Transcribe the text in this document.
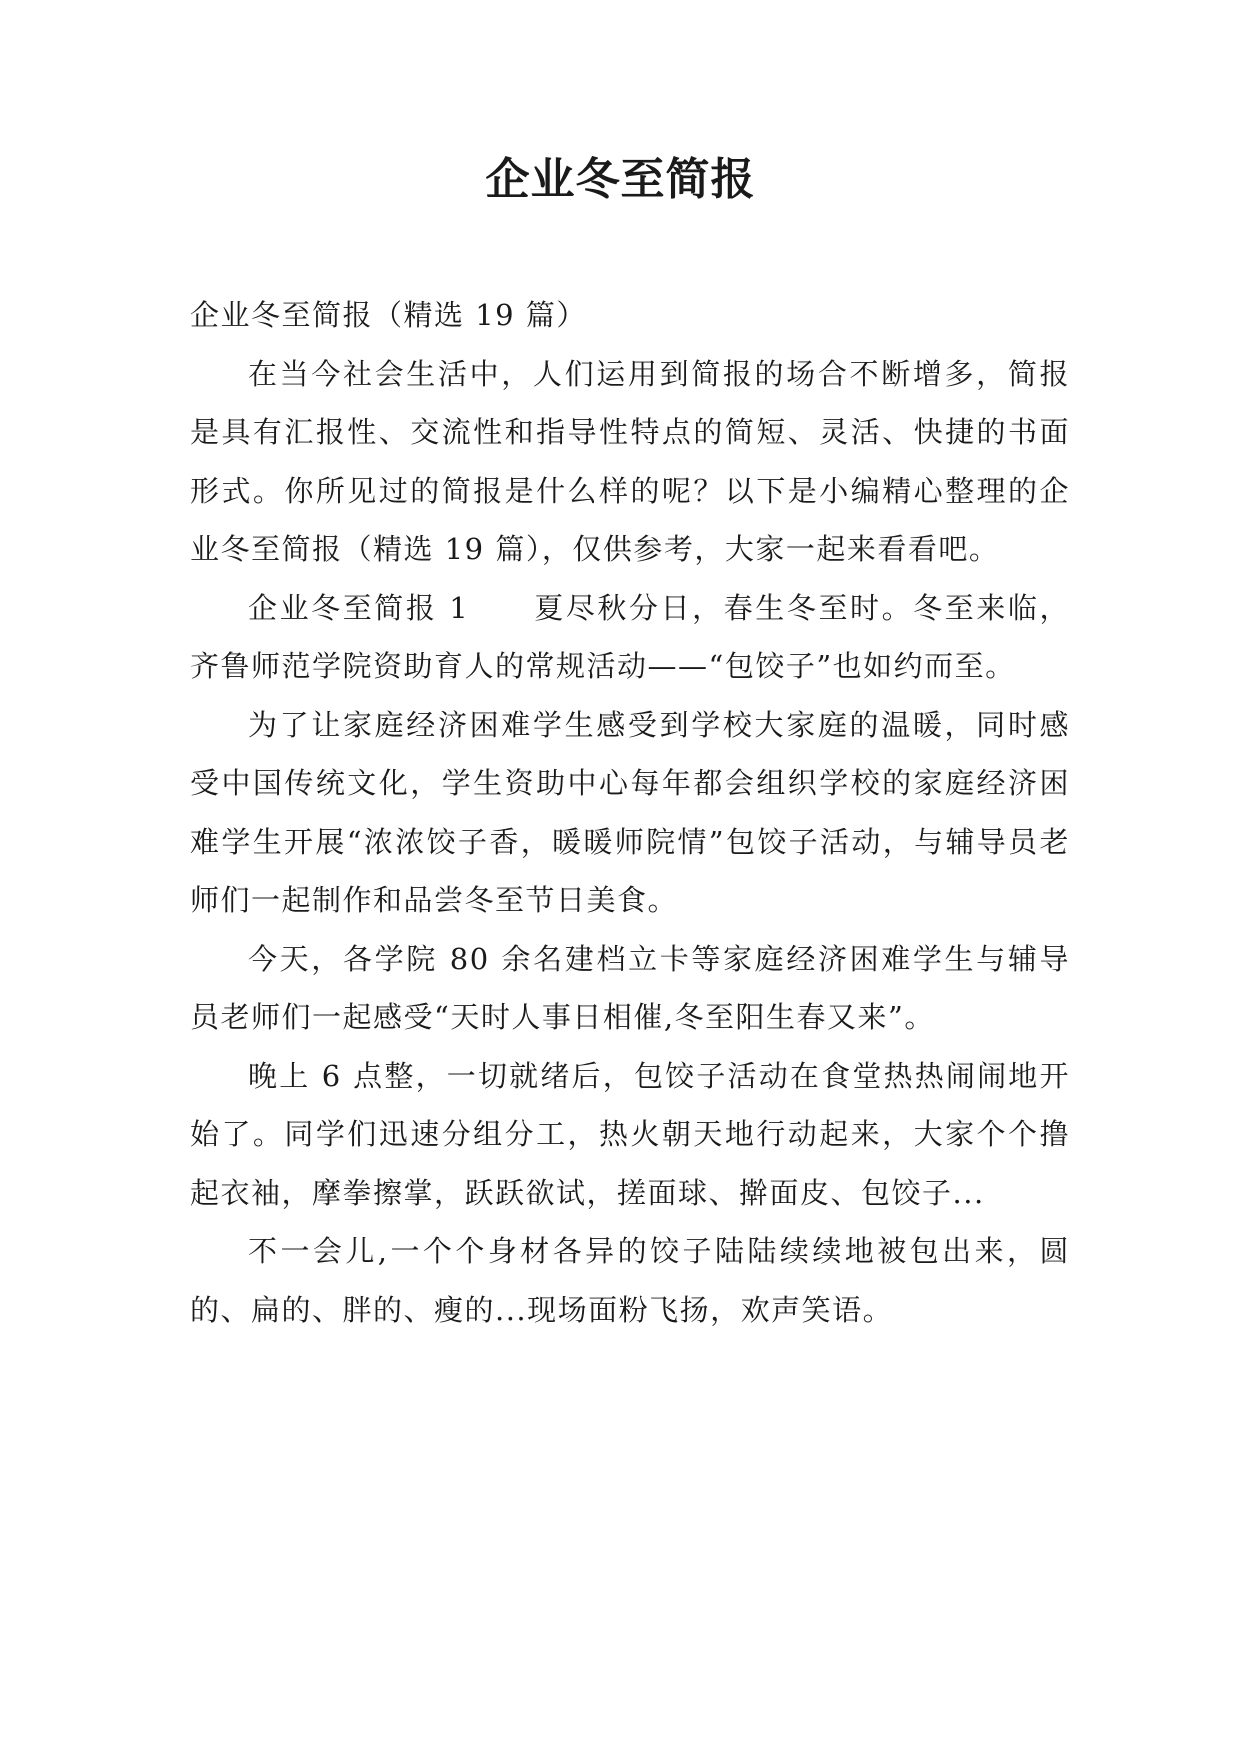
企业冬至简报

企业冬至简报（精选 19 篇）

在当今社会生活中，人们运用到简报的场合不断增多，简报是具有汇报性、交流性和指导性特点的简短、灵活、快捷的书面形式。你所见过的简报是什么样的呢？以下是小编精心整理的企业冬至简报（精选 19 篇），仅供参考，大家一起来看看吧。

企业冬至简报 1 夏尽秋分日，春生冬至时。冬至来临，齐鲁师范学院资助育人的常规活动——“包饺子”也如约而至。

为了让家庭经济困难学生感受到学校大家庭的温暖，同时感受中国传统文化，学生资助中心每年都会组织学校的家庭经济困难学生开展“浓浓饺子香，暖暖师院情”包饺子活动，与辅导员老师们一起制作和品尝冬至节日美食。

今天，各学院 80 余名建档立卡等家庭经济困难学生与辅导员老师们一起感受“天时人事日相催,冬至阳生春又来”。

晚上 6 点整，一切就绪后，包饺子活动在食堂热热闹闹地开始了。同学们迅速分组分工，热火朝天地行动起来，大家个个撸起衣袖，摩拳擦掌，跃跃欲试，搓面球、擀面皮、包饺子...

不一会儿,一个个身材各异的饺子陆陆续续地被包出来，圆的、扁的、胖的、瘦的...现场面粉飞扬，欢声笑语。
